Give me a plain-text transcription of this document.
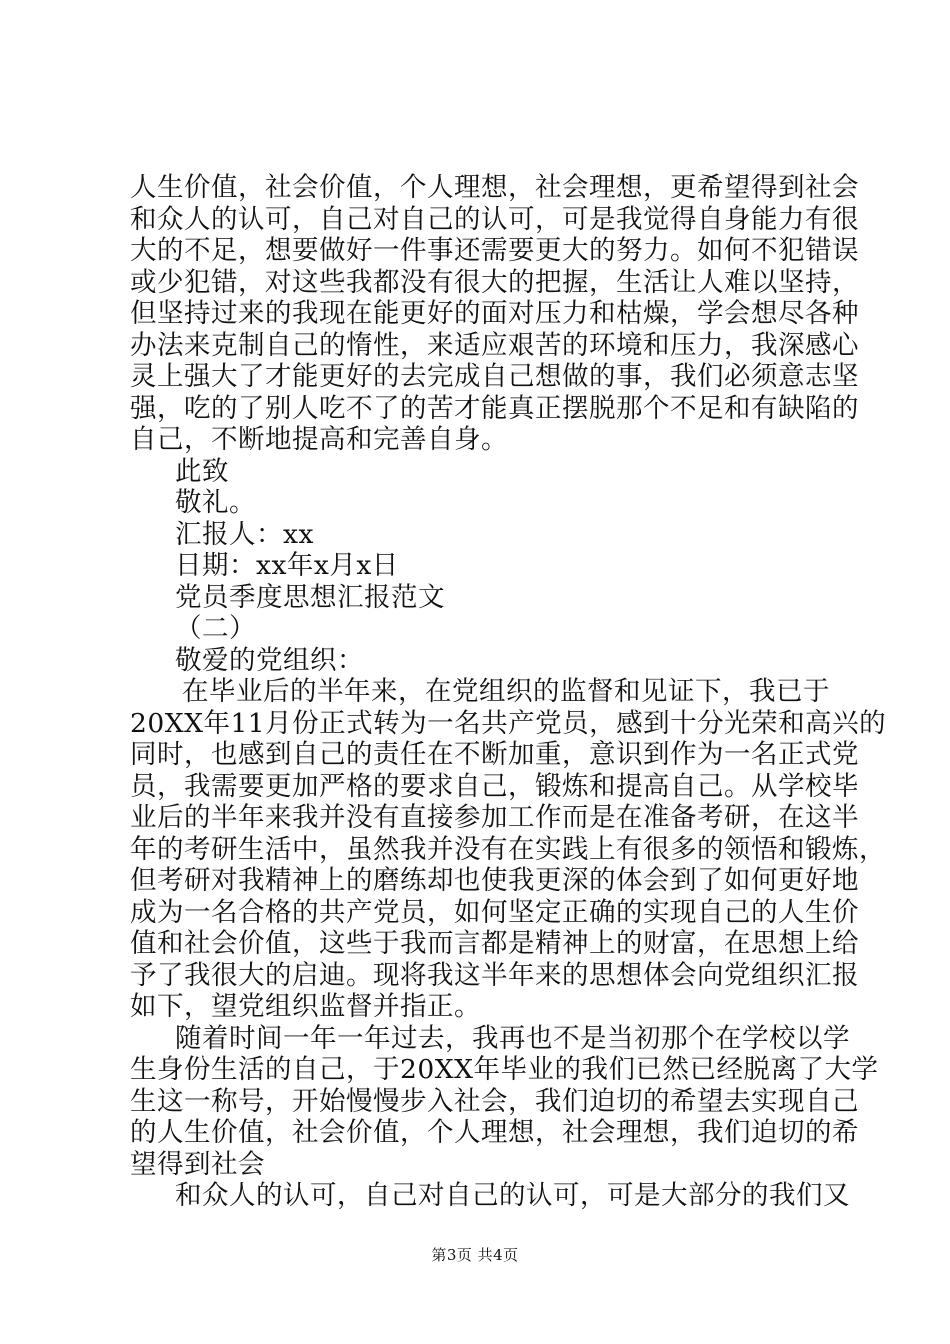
人生价值，社会价值，个人理想，社会理想，更希望得到社会
和众人的认可，自己对自己的认可，可是我觉得自身能力有很
大的不足，想要做好一件事还需要更大的努力。如何不犯错误
或少犯错，对这些我都没有很大的把握，生活让人难以坚持，
但坚持过来的我现在能更好的面对压力和枯燥，学会想尽各种
办法来克制自己的惰性，来适应艰苦的环境和压力，我深感心
灵上强大了才能更好的去完成自己想做的事，我们必须意志坚
强，吃的了别人吃不了的苦才能真正摆脱那个不足和有缺陷的
自己，不断地提高和完善自身。
此致
敬礼。
汇报人：xx
日期：xx年x月x日
党员季度思想汇报范文
（二）
敬爱的党组织：
在毕业后的半年来，在党组织的监督和见证下，我已于
20XX年11月份正式转为一名共产党员，感到十分光荣和高兴的
同时，也感到自己的责任在不断加重，意识到作为一名正式党
员，我需要更加严格的要求自己，锻炼和提高自己。从学校毕
业后的半年来我并没有直接参加工作而是在准备考研，在这半
年的考研生活中，虽然我并没有在实践上有很多的领悟和锻炼，
但考研对我精神上的磨练却也使我更深的体会到了如何更好地
成为一名合格的共产党员，如何坚定正确的实现自己的人生价
值和社会价值，这些于我而言都是精神上的财富，在思想上给
予了我很大的启迪。现将我这半年来的思想体会向党组织汇报
如下，望党组织监督并指正。
随着时间一年一年过去，我再也不是当初那个在学校以学
生身份生活的自己，于20XX年毕业的我们已然已经脱离了大学
生这一称号，开始慢慢步入社会，我们迫切的希望去实现自己
的人生价值，社会价值，个人理想，社会理想，我们迫切的希
望得到社会
和众人的认可，自己对自己的认可，可是大部分的我们又
第3页 共4页
